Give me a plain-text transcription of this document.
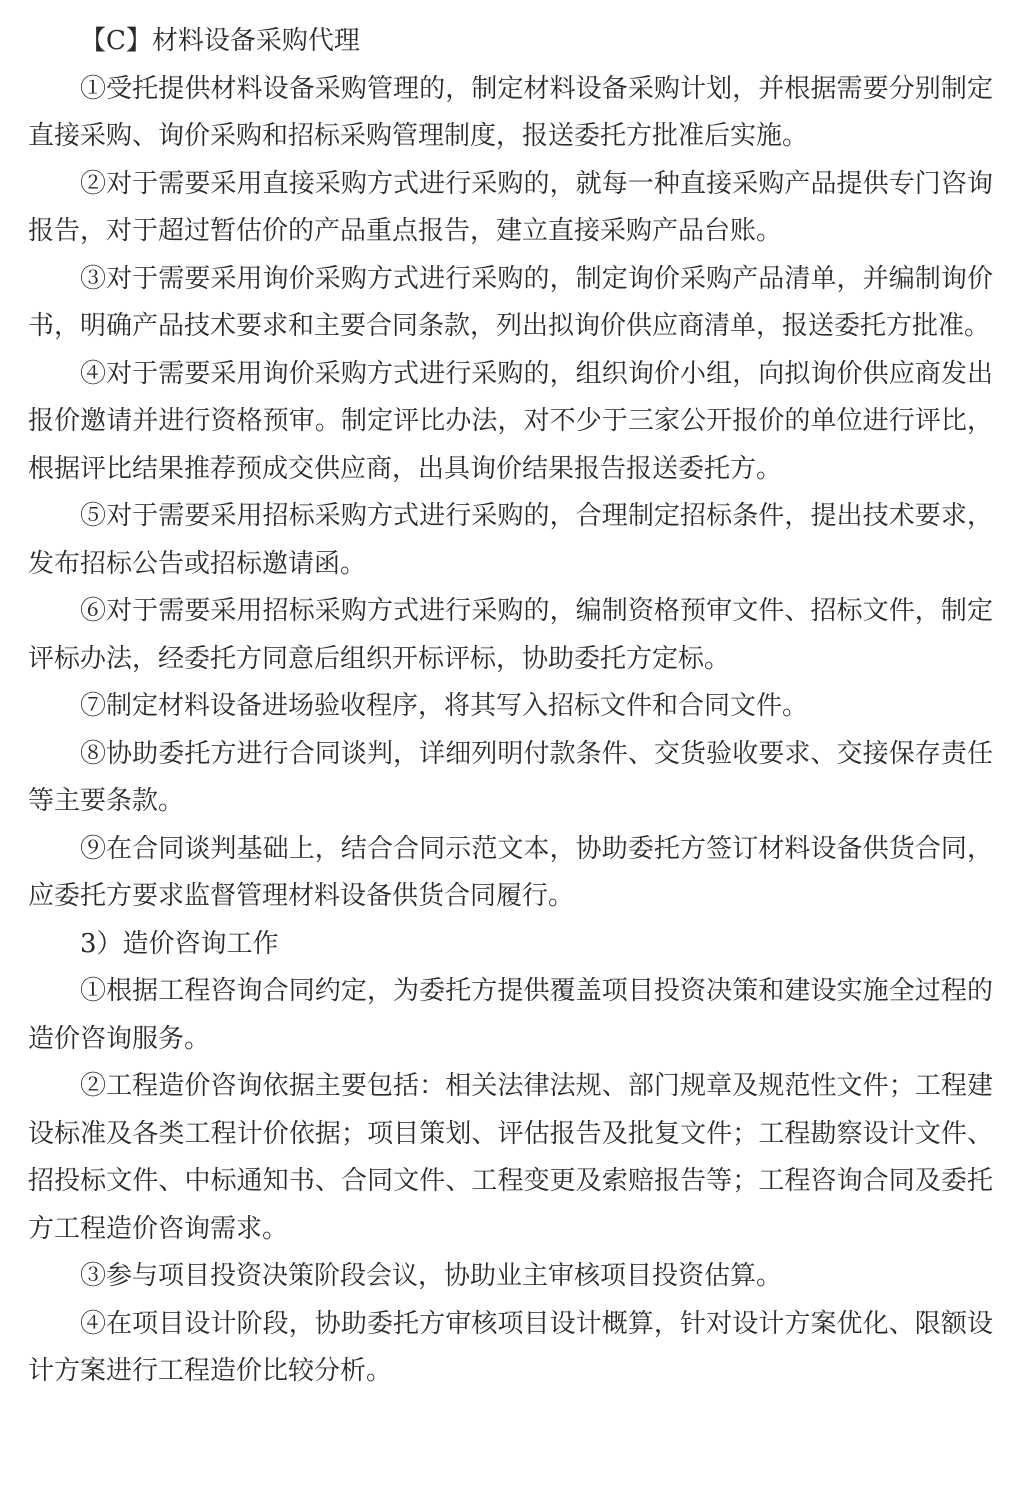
【C】材料设备采购代理

①受托提供材料设备采购管理的，制定材料设备采购计划，并根据需要分别制定直接采购、询价采购和招标采购管理制度，报送委托方批准后实施。

②对于需要采用直接采购方式进行采购的，就每一种直接采购产品提供专门咨询报告，对于超过暂估价的产品重点报告，建立直接采购产品台账。

③对于需要采用询价采购方式进行采购的，制定询价采购产品清单，并编制询价书，明确产品技术要求和主要合同条款，列出拟询价供应商清单，报送委托方批准。

④对于需要采用询价采购方式进行采购的，组织询价小组，向拟询价供应商发出报价邀请并进行资格预审。制定评比办法，对不少于三家公开报价的单位进行评比，根据评比结果推荐预成交供应商，出具询价结果报告报送委托方。

⑤对于需要采用招标采购方式进行采购的，合理制定招标条件，提出技术要求，发布招标公告或招标邀请函。

⑥对于需要采用招标采购方式进行采购的，编制资格预审文件、招标文件，制定评标办法，经委托方同意后组织开标评标，协助委托方定标。

⑦制定材料设备进场验收程序，将其写入招标文件和合同文件。

⑧协助委托方进行合同谈判，详细列明付款条件、交货验收要求、交接保存责任等主要条款。

⑨在合同谈判基础上，结合合同示范文本，协助委托方签订材料设备供货合同，应委托方要求监督管理材料设备供货合同履行。

3）造价咨询工作

①根据工程咨询合同约定，为委托方提供覆盖项目投资决策和建设实施全过程的造价咨询服务。

②工程造价咨询依据主要包括：相关法律法规、部门规章及规范性文件；工程建设标准及各类工程计价依据；项目策划、评估报告及批复文件；工程勘察设计文件、招投标文件、中标通知书、合同文件、工程变更及索赔报告等；工程咨询合同及委托方工程造价咨询需求。

③参与项目投资决策阶段会议，协助业主审核项目投资估算。

④在项目设计阶段，协助委托方审核项目设计概算，针对设计方案优化、限额设计方案进行工程造价比较分析。
